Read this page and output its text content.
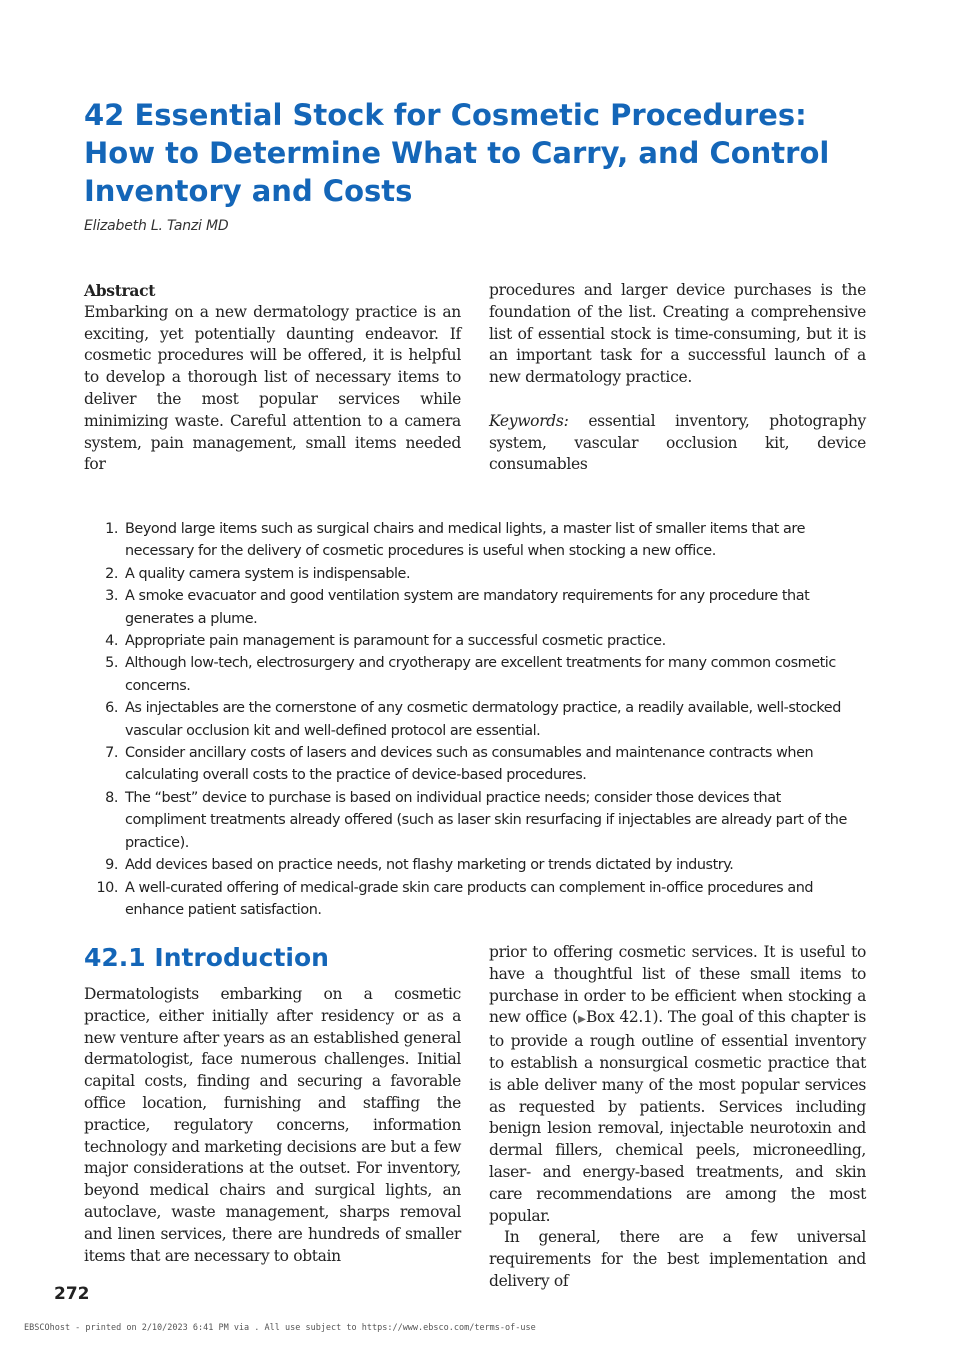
42 Essential Stock for Cosmetic Procedures: How to Determine What to Carry, and Control Inventory and Costs
Elizabeth L. Tanzi MD
Abstract
Embarking on a new dermatology practice is an exciting, yet potentially daunting endeavor. If cosmetic procedures will be offered, it is helpful to develop a thorough list of necessary items to deliver the most popular services while minimizing waste. Careful attention to a camera system, pain management, small items needed for
procedures and larger device purchases is the foundation of the list. Creating a comprehensive list of essential stock is time-consuming, but it is an important task for a successful launch of a new dermatology practice.
Keywords: essential inventory, photography system, vascular occlusion kit, device consumables
1. Beyond large items such as surgical chairs and medical lights, a master list of smaller items that are necessary for the delivery of cosmetic procedures is useful when stocking a new office.
2. A quality camera system is indispensable.
3. A smoke evacuator and good ventilation system are mandatory requirements for any procedure that generates a plume.
4. Appropriate pain management is paramount for a successful cosmetic practice.
5. Although low-tech, electrosurgery and cryotherapy are excellent treatments for many common cosmetic concerns.
6. As injectables are the cornerstone of any cosmetic dermatology practice, a readily available, well-stocked vascular occlusion kit and well-defined protocol are essential.
7. Consider ancillary costs of lasers and devices such as consumables and maintenance contracts when calculating overall costs to the practice of device-based procedures.
8. The “best” device to purchase is based on individual practice needs; consider those devices that compliment treatments already offered (such as laser skin resurfacing if injectables are already part of the practice).
9. Add devices based on practice needs, not flashy marketing or trends dictated by industry.
10. A well-curated offering of medical-grade skin care products can complement in-office procedures and enhance patient satisfaction.
42.1 Introduction
Dermatologists embarking on a cosmetic practice, either initially after residency or as a new venture after years as an established general dermatologist, face numerous challenges. Initial capital costs, finding and securing a favorable office location, furnishing and staffing the practice, regulatory concerns, information technology and marketing decisions are but a few major considerations at the outset. For inventory, beyond medical chairs and surgical lights, an autoclave, waste management, sharps removal and linen services, there are hundreds of smaller items that are necessary to obtain

prior to offering cosmetic services. It is useful to have a thoughtful list of these small items to purchase in order to be efficient when stocking a new office (▶Box 42.1). The goal of this chapter is to provide a rough outline of essential inventory to establish a nonsurgical cosmetic practice that is able deliver many of the most popular services as requested by patients. Services including benign lesion removal, injectable neurotoxin and dermal fillers, chemical peels, microneedling, laser- and energy-based treatments, and skin care recommendations are among the most popular.

In general, there are a few universal requirements for the best implementation and delivery of

272
EBSCOhost - printed on 2/10/2023 6:41 PM via . All use subject to https://www.ebsco.com/terms-of-use
